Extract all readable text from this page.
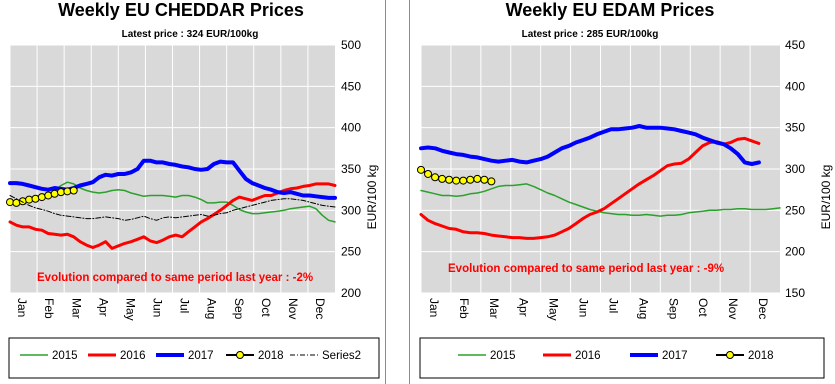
Weekly EU CHEDDAR Prices
Latest price : 324 EUR/100kg
200
250
300
350
400
450
500
Jan Feb Mar Apr May Jun Jul Aug Sep Oct Nov Dec
EUR/100 kg
Evolution compared to same period last year : -2%
2015	2016	2017	2018	Series2
Weekly EU EDAM Prices
Latest price : 285 EUR/100kg
150
200
250
300
350
400
450
Jan Feb Mar Apr May Jun Jul Aug Sep Oct Nov Dec
EUR/100 kg
Evolution compared to same period last year : -9%
2015	2016	2017	2018
